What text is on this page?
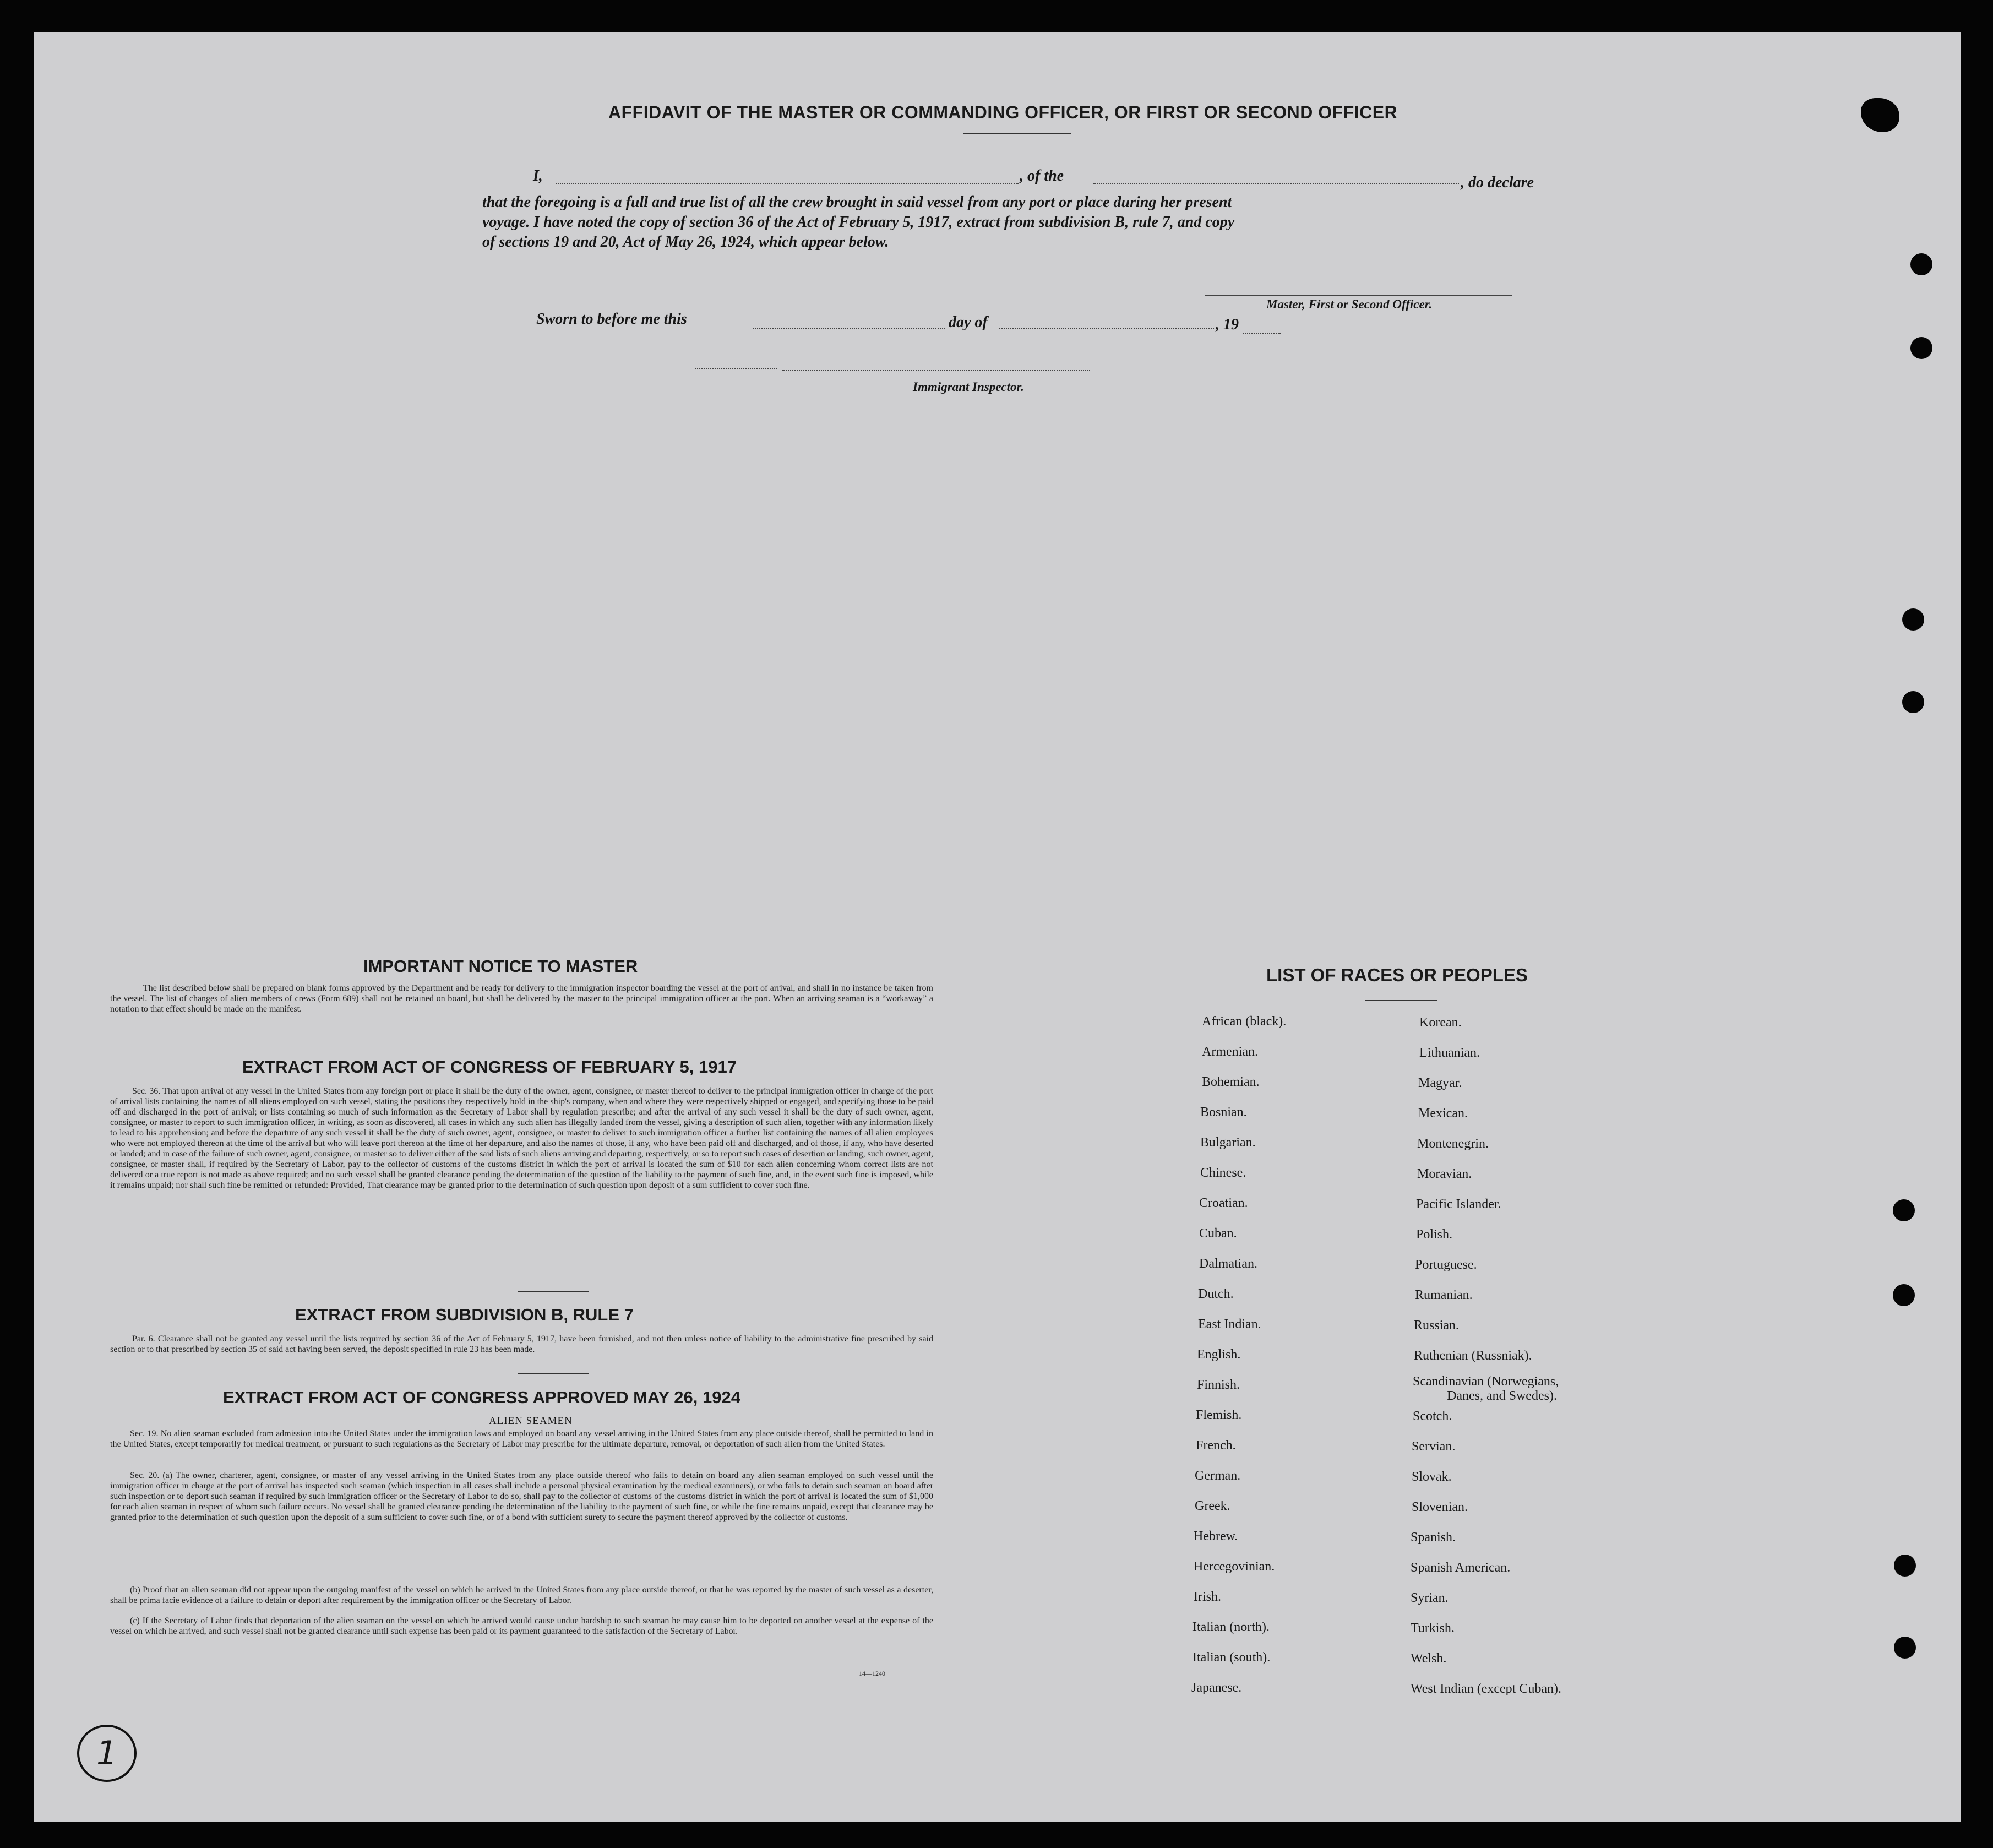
AFFIDAVIT OF THE MASTER OR COMMANDING OFFICER, OR FIRST OR SECOND OFFICER
I,	, of the	, do declare
that the foregoing is a full and true list of all the crew brought in said vessel from any port or place during her present
voyage. I have noted the copy of section 36 of the Act of February 5, 1917, extract from subdivision B, rule 7, and copy
of sections 19 and 20, Act of May 26, 1924, which appear below.
Master, First or Second Officer.
Sworn to before me this	day of	, 19
Immigrant Inspector.
IMPORTANT NOTICE TO MASTER
The list described below shall be prepared on blank forms approved by the Department and be ready for delivery to the immigration inspector boarding the vessel at the port of arrival, and shall in no instance be taken from the vessel. The list of changes of alien members of crews (Form 689) shall not be retained on board, but shall be delivered by the master to the principal immigration officer at the port. When an arriving seaman is a “workaway” a notation to that effect should be made on the manifest.
EXTRACT FROM ACT OF CONGRESS OF FEBRUARY 5, 1917
Sec. 36. That upon arrival of any vessel in the United States from any foreign port or place it shall be the duty of the owner, agent, consignee, or master thereof to deliver to the principal immigration officer in charge of the port of arrival lists containing the names of all aliens employed on such vessel, stating the positions they respectively hold in the ship's company, when and where they were respectively shipped or engaged, and specifying those to be paid off and discharged in the port of arrival; or lists containing so much of such information as the Secretary of Labor shall by regulation prescribe; and after the arrival of any such vessel it shall be the duty of such owner, agent, consignee, or master to report to such immigration officer, in writing, as soon as discovered, all cases in which any such alien has illegally landed from the vessel, giving a description of such alien, together with any information likely to lead to his apprehension; and before the departure of any such vessel it shall be the duty of such owner, agent, consignee, or master to deliver to such immigration officer a further list containing the names of all alien employees who were not employed thereon at the time of the arrival but who will leave port thereon at the time of her departure, and also the names of those, if any, who have been paid off and discharged, and of those, if any, who have deserted or landed; and in case of the failure of such owner, agent, consignee, or master so to deliver either of the said lists of such aliens arriving and departing, respectively, or so to report such cases of desertion or landing, such owner, agent, consignee, or master shall, if required by the Secretary of Labor, pay to the collector of customs of the customs district in which the port of arrival is located the sum of $10 for each alien concerning whom correct lists are not delivered or a true report is not made as above required; and no such vessel shall be granted clearance pending the determination of the question of the liability to the payment of such fine, and, in the event such fine is imposed, while it remains unpaid; nor shall such fine be remitted or refunded: Provided, That clearance may be granted prior to the determination of such question upon deposit of a sum sufficient to cover such fine.
EXTRACT FROM SUBDIVISION B, RULE 7
Par. 6. Clearance shall not be granted any vessel until the lists required by section 36 of the Act of February 5, 1917, have been furnished, and not then unless notice of liability to the administrative fine prescribed by said section or to that prescribed by section 35 of said act having been served, the deposit specified in rule 23 has been made.
EXTRACT FROM ACT OF CONGRESS APPROVED MAY 26, 1924
ALIEN SEAMEN
Sec. 19. No alien seaman excluded from admission into the United States under the immigration laws and employed on board any vessel arriving in the United States from any place outside thereof, shall be permitted to land in the United States, except temporarily for medical treatment, or pursuant to such regulations as the Secretary of Labor may prescribe for the ultimate departure, removal, or deportation of such alien from the United States.
Sec. 20. (a) The owner, charterer, agent, consignee, or master of any vessel arriving in the United States from any place outside thereof who fails to detain on board any alien seaman employed on such vessel until the immigration officer in charge at the port of arrival has inspected such seaman (which inspection in all cases shall include a personal physical examination by the medical examiners), or who fails to detain such seaman on board after such inspection or to deport such seaman if required by such immigration officer or the Secretary of Labor to do so, shall pay to the collector of customs of the customs district in which the port of arrival is located the sum of $1,000 for each alien seaman in respect of whom such failure occurs. No vessel shall be granted clearance pending the determination of the liability to the payment of such fine, or while the fine remains unpaid, except that clearance may be granted prior to the determination of such question upon the deposit of a sum sufficient to cover such fine, or of a bond with sufficient surety to secure the payment thereof approved by the collector of customs.
(b) Proof that an alien seaman did not appear upon the outgoing manifest of the vessel on which he arrived in the United States from any place outside thereof, or that he was reported by the master of such vessel as a deserter, shall be prima facie evidence of a failure to detain or deport after requirement by the immigration officer or the Secretary of Labor.
(c) If the Secretary of Labor finds that deportation of the alien seaman on the vessel on which he arrived would cause undue hardship to such seaman he may cause him to be deported on another vessel at the expense of the vessel on which he arrived, and such vessel shall not be granted clearance until such expense has been paid or its payment guaranteed to the satisfaction of the Secretary of Labor.
14—1240
LIST OF RACES OR PEOPLES
African (black).
Armenian.
Bohemian.
Bosnian.
Bulgarian.
Chinese.
Croatian.
Cuban.
Dalmatian.
Dutch.
East Indian.
English.
Finnish.
Flemish.
French.
German.
Greek.
Hebrew.
Hercegovinian.
Irish.
Italian (north).
Italian (south).
Japanese.
Korean.
Lithuanian.
Magyar.
Mexican.
Montenegrin.
Moravian.
Pacific Islander.
Polish.
Portuguese.
Rumanian.
Russian.
Ruthenian (Russniak).
Scandinavian (Norwegians,
Danes, and Swedes).
Scotch.
Servian.
Slovak.
Slovenian.
Spanish.
Spanish American.
Syrian.
Turkish.
Welsh.
West Indian (except Cuban).
1
